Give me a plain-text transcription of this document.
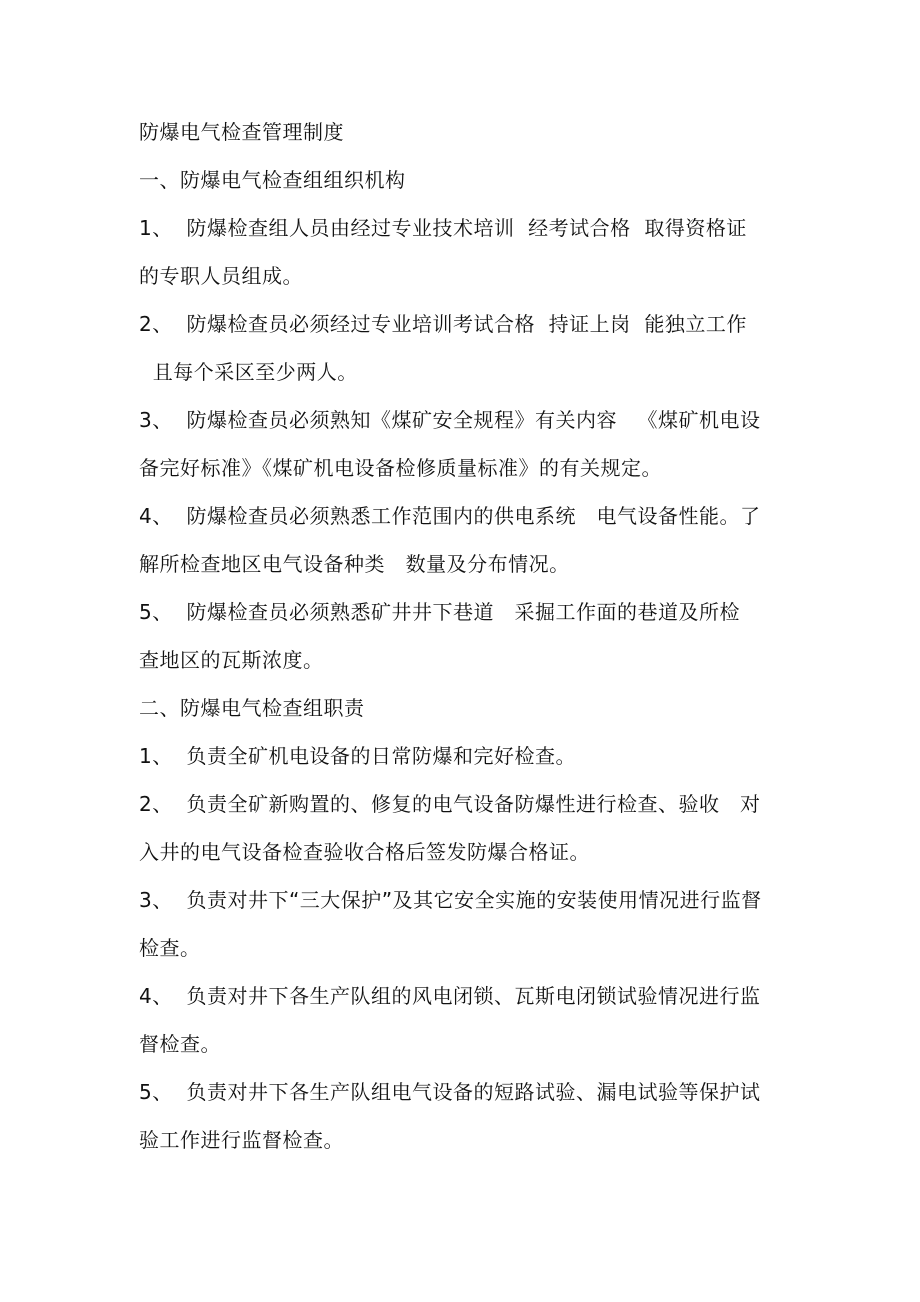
防爆电气检查管理制度
一、防爆电气检查组组织机构
1、  防爆检查组人员由经过专业技术培训  经考试合格  取得资格证
的专职人员组成。
2、  防爆检查员必须经过专业培训考试合格  持证上岗  能独立工作
且每个采区至少两人。
3、  防爆检查员必须熟知《煤矿安全规程》有关内容   《煤矿机电设
备完好标准》《煤矿机电设备检修质量标准》的有关规定。
4、  防爆检查员必须熟悉工作范围内的供电系统   电气设备性能。了
解所检查地区电气设备种类   数量及分布情况。
5、  防爆检查员必须熟悉矿井井下巷道   采掘工作面的巷道及所检
查地区的瓦斯浓度。
二、防爆电气检查组职责
1、  负责全矿机电设备的日常防爆和完好检查。
2、  负责全矿新购置的、修复的电气设备防爆性进行检查、验收   对
入井的电气设备检查验收合格后签发防爆合格证。
3、  负责对井下“三大保护”及其它安全实施的安装使用情况进行监督
检查。
4、  负责对井下各生产队组的风电闭锁、瓦斯电闭锁试验情况进行监
督检查。
5、  负责对井下各生产队组电气设备的短路试验、漏电试验等保护试
验工作进行监督检查。
